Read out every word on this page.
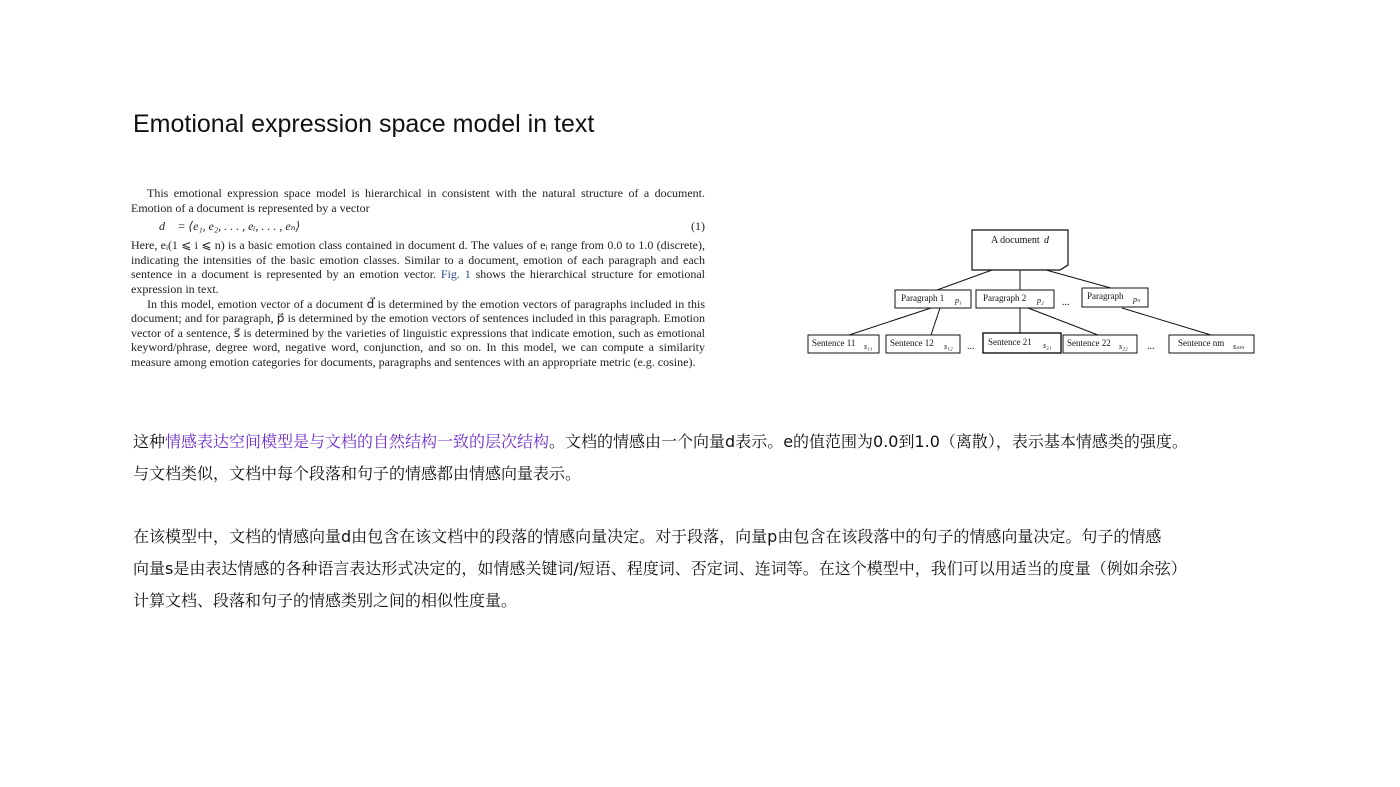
Emotional expression space model in text

This emotional expression space model is hierarchical in consistent with the natural structure of a document. Emotion of a document is represented by a vector

d⃗ = ⟨e₁, e₂, . . . , eᵢ, . . . , eₙ⟩	(1)

Here, eᵢ(1 ⩽ i ⩽ n) is a basic emotion class contained in document d. The values of eᵢ range from 0.0 to 1.0 (discrete), indicating the intensities of the basic emotion classes. Similar to a document, emotion of each paragraph and each sentence in a document is represented by an emotion vector. Fig. 1 shows the hierarchical structure for emotional expression in text.

In this model, emotion vector of a document d⃗ is determined by the emotion vectors of paragraphs included in this document; and for paragraph, p⃗ is determined by the emotion vectors of sentences included in this paragraph. Emotion vector of a sentence, s⃗ is determined by the varieties of linguistic expressions that indicate emotion, such as emotional keyword/phrase, degree word, negative word, conjunction, and so on. In this model, we can compute a similarity measure among emotion categories for documents, paragraphs and sentences with an appropriate metric (e.g. cosine).

A document d⃗
Paragraph 1 p₁ Paragraph 2 p₂ ...
Paragraph pₙ
Sentence 11 s₁₁ Sentence 12 s₁₂ ... Sentence 21 s₂₁ Sentence 22 s₂₂ ...	Sentence nm sₙₘ

这种情感表达空间模型是与文档的自然结构一致的层次结构。文档的情感由一个向量d表示。e的值范围为0.0到1.0（离散），表示基本情感类的强度。

与文档类似，文档中每个段落和句子的情感都由情感向量表示。

在该模型中，文档的情感向量d由包含在该文档中的段落的情感向量决定。对于段落，向量p由包含在该段落中的句子的情感向量决定。句子的情感

向量s是由表达情感的各种语言表达形式决定的，如情感关键词/短语、程度词、否定词、连词等。在这个模型中，我们可以用适当的度量（例如余弦）

计算文档、段落和句子的情感类别之间的相似性度量。
